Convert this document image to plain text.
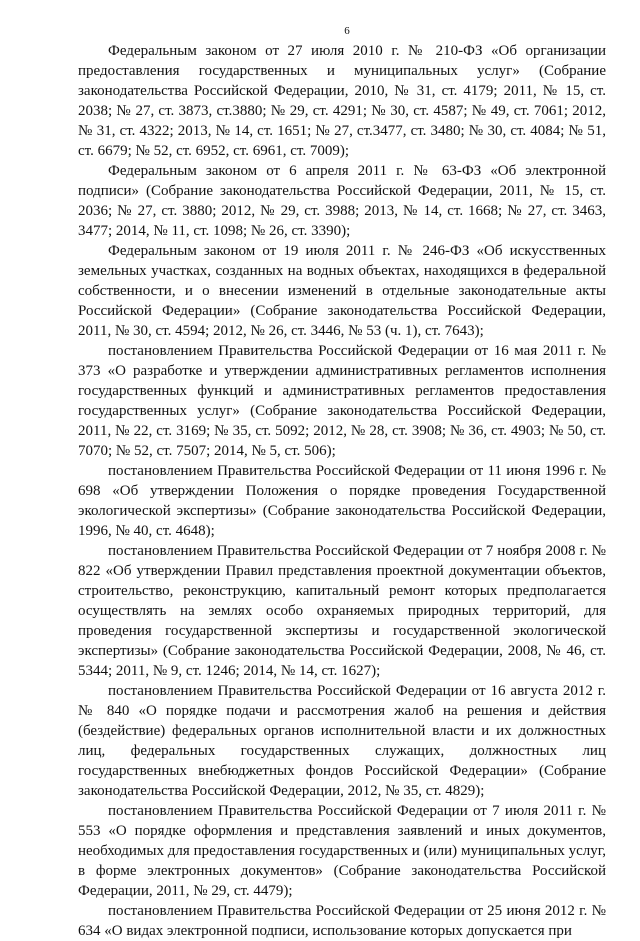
6

Федеральным законом от 27 июля 2010 г. № 210-ФЗ «Об организации предоставления государственных и муниципальных услуг» (Собрание законодательства Российской Федерации, 2010, № 31, ст. 4179; 2011, № 15, ст. 2038; № 27, ст. 3873, ст.3880; № 29, ст. 4291; № 30, ст. 4587; № 49, ст. 7061; 2012, № 31, ст. 4322; 2013, № 14, ст. 1651; № 27, ст.3477, ст. 3480; № 30, ст. 4084; № 51, ст. 6679; № 52, ст. 6952, ст. 6961, ст. 7009);

Федеральным законом от 6 апреля 2011 г. № 63-ФЗ «Об электронной подписи» (Собрание законодательства Российской Федерации, 2011, № 15, ст. 2036; № 27, ст. 3880; 2012, № 29, ст. 3988; 2013, № 14, ст. 1668; № 27, ст. 3463, 3477; 2014, № 11, ст. 1098; № 26, ст. 3390);

Федеральным законом от 19 июля 2011 г. № 246-ФЗ «Об искусственных земельных участках, созданных на водных объектах, находящихся в федеральной собственности, и о внесении изменений в отдельные законодательные акты Российской Федерации» (Собрание законодательства Российской Федерации, 2011, № 30, ст. 4594; 2012, № 26, ст. 3446, № 53 (ч. 1), ст. 7643);

постановлением Правительства Российской Федерации от 16 мая 2011 г. № 373 «О разработке и утверждении административных регламентов исполнения государственных функций и административных регламентов предоставления государственных услуг» (Собрание законодательства Российской Федерации, 2011, № 22, ст. 3169; № 35, ст. 5092; 2012, № 28, ст. 3908; № 36, ст. 4903; № 50, ст. 7070; № 52, ст. 7507; 2014, № 5, ст. 506);

постановлением Правительства Российской Федерации от 11 июня 1996 г. № 698 «Об утверждении Положения о порядке проведения Государственной экологической экспертизы» (Собрание законодательства Российской Федерации, 1996, № 40, ст. 4648);

постановлением Правительства Российской Федерации от 7 ноября 2008 г. № 822 «Об утверждении Правил представления проектной документации объектов, строительство, реконструкцию, капитальный ремонт которых предполагается осуществлять на землях особо охраняемых природных территорий, для проведения государственной экспертизы и государственной экологической экспертизы» (Собрание законодательства Российской Федерации, 2008, № 46, ст. 5344; 2011, № 9, ст. 1246; 2014, № 14, ст. 1627);

постановлением Правительства Российской Федерации от 16 августа 2012 г. № 840 «О порядке подачи и рассмотрения жалоб на решения и действия (бездействие) федеральных органов исполнительной власти и их должностных лиц, федеральных государственных служащих, должностных лиц государственных внебюджетных фондов Российской Федерации» (Собрание законодательства Российской Федерации, 2012, № 35, ст. 4829);

постановлением Правительства Российской Федерации от 7 июля 2011 г. № 553 «О порядке оформления и представления заявлений и иных документов, необходимых для предоставления государственных и (или) муниципальных услуг, в форме электронных документов» (Собрание законодательства Российской Федерации, 2011, № 29, ст. 4479);

постановлением Правительства Российской Федерации от 25 июня 2012 г. № 634 «О видах электронной подписи, использование которых допускается при
